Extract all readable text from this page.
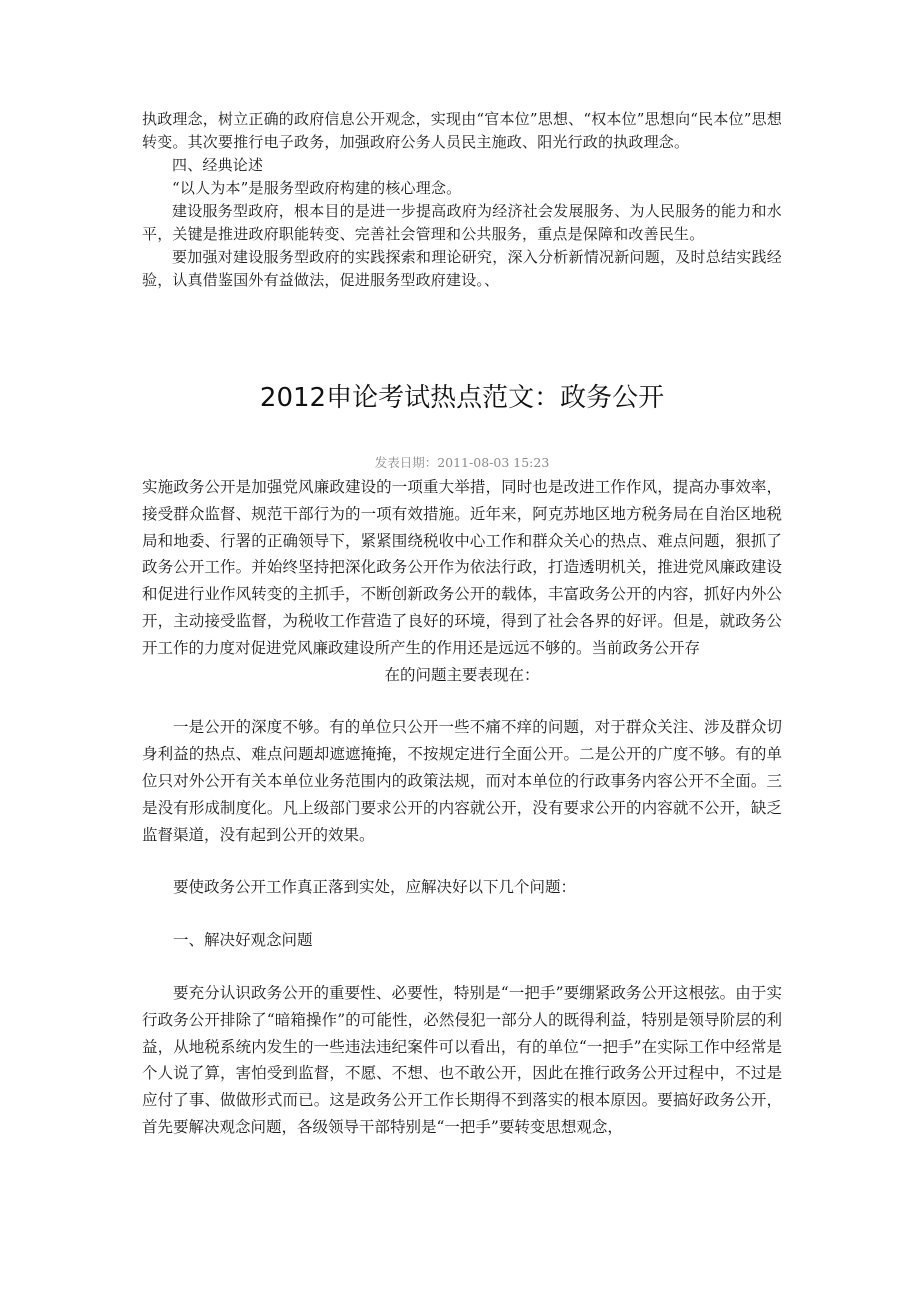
执政理念，树立正确的政府信息公开观念，实现由“官本位”思想、“权本位”思想向“民本位”思想转变。其次要推行电子政务，加强政府公务人员民主施政、阳光行政的执政理念。

四、经典论述

“以人为本”是服务型政府构建的核心理念。

建设服务型政府，根本目的是进一步提高政府为经济社会发展服务、为人民服务的能力和水平，关键是推进政府职能转变、完善社会管理和公共服务，重点是保障和改善民生。

要加强对建设服务型政府的实践探索和理论研究，深入分析新情况新问题，及时总结实践经验，认真借鉴国外有益做法，促进服务型政府建设。、

2012申论考试热点范文：政务公开
发表日期：2011-08-03 15:23

实施政务公开是加强党风廉政建设的一项重大举措，同时也是改进工作作风，提高办事效率，接受群众监督、规范干部行为的一项有效措施。近年来，阿克苏地区地方税务局在自治区地税局和地委、行署的正确领导下，紧紧围绕税收中心工作和群众关心的热点、难点问题，狠抓了政务公开工作。并始终坚持把深化政务公开作为依法行政，打造透明机关，推进党风廉政建设和促进行业作风转变的主抓手，不断创新政务公开的载体，丰富政务公开的内容，抓好内外公开，主动接受监督，为税收工作营造了良好的环境，得到了社会各界的好评。但是，就政务公开工作的力度对促进党风廉政建设所产生的作用还是远远不够的。当前政务公开存

在的问题主要表现在：

一是公开的深度不够。有的单位只公开一些不痛不痒的问题，对于群众关注、涉及群众切身利益的热点、难点问题却遮遮掩掩，不按规定进行全面公开。二是公开的广度不够。有的单位只对外公开有关本单位业务范围内的政策法规，而对本单位的行政事务内容公开不全面。三是没有形成制度化。凡上级部门要求公开的内容就公开，没有要求公开的内容就不公开，缺乏监督渠道，没有起到公开的效果。

要使政务公开工作真正落到实处，应解决好以下几个问题：

一、解决好观念问题

要充分认识政务公开的重要性、必要性，特别是“一把手”要绷紧政务公开这根弦。由于实行政务公开排除了“暗箱操作”的可能性，必然侵犯一部分人的既得利益，特别是领导阶层的利益，从地税系统内发生的一些违法违纪案件可以看出，有的单位“一把手”在实际工作中经常是个人说了算，害怕受到监督，不愿、不想、也不敢公开，因此在推行政务公开过程中，不过是应付了事、做做形式而已。这是政务公开工作长期得不到落实的根本原因。要搞好政务公开，首先要解决观念问题，各级领导干部特别是“一把手”要转变思想观念，
